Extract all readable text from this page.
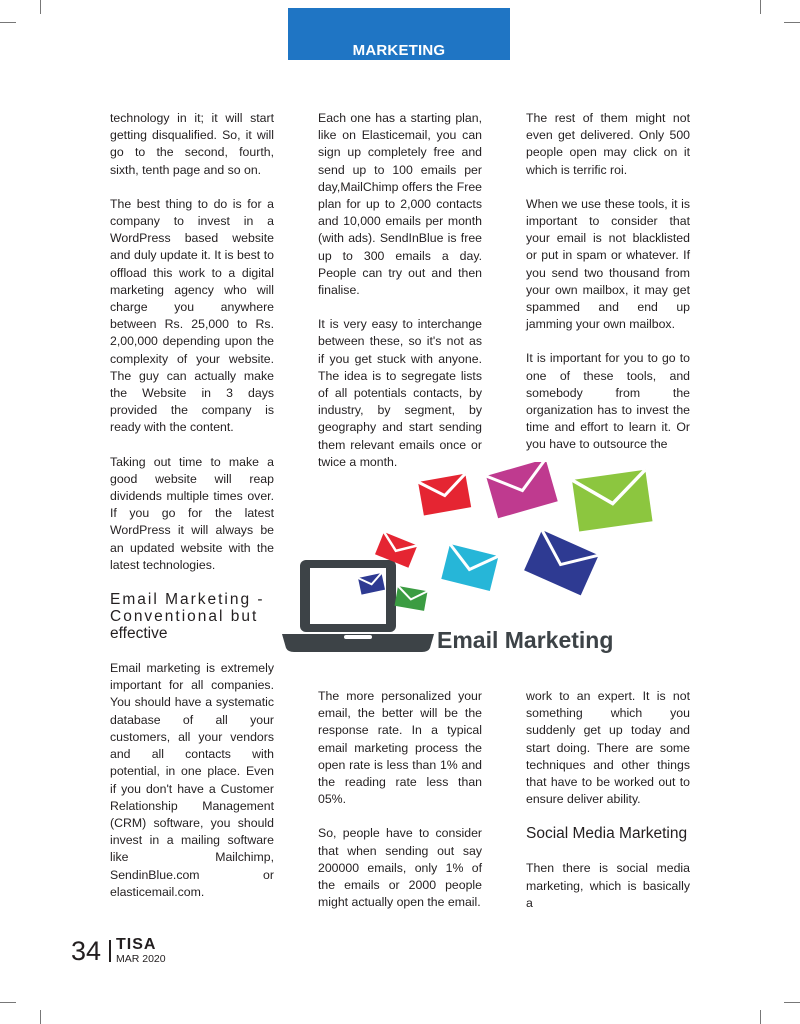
MARKETING

technology in it; it will start getting disqualified. So, it will go to the second, fourth, sixth, tenth page and so on.

The best thing to do is for a company to invest in a WordPress based website and duly update it. It is best to offload this work to a digital marketing agency who will charge you anywhere between Rs. 25,000 to Rs. 2,00,000 depending upon the complexity of your website. The guy can actually make the Website in 3 days provided the company is ready with the content.

Taking out time to make a good website will reap dividends multiple times over. If you go for the latest WordPress it will always be an updated website with the latest technologies.

Email Marketing - Conventional but effective

Email marketing is extremely important for all companies. You should have a systematic database of all your customers, all your vendors and all contacts with potential, in one place. Even if you don't have a Customer Relationship Management (CRM) software, you should invest in a mailing software like Mailchimp, SendinBlue.com or elasticemail.com.

Each one has a starting plan, like on Elasticemail, you can sign up completely free and send up to 100 emails per day,MailChimp offers the Free plan for up to 2,000 contacts and 10,000 emails per month (with ads). SendInBlue is free up to 300 emails a day. People can try out and then finalise.

It is very easy to interchange between these, so it's not as if you get stuck with anyone. The idea is to segregate lists of all potentials contacts, by industry, by segment, by geography and start sending them relevant emails once or twice a month.

The rest of them might not even get delivered. Only 500 people open may click on it which is terrific roi.

When we use these tools, it is important to consider that your email is not blacklisted or put in spam or whatever. If you send two thousand from your own mailbox, it may get spammed and end up jamming your own mailbox.

It is important for you to go to one of these tools, and somebody from the organization has to invest the time and effort to learn it. Or you have to outsource the

Email Marketing

The more personalized your email, the better will be the response rate. In a typical email marketing process the open rate is less than 1% and the reading rate less than 05%.

So, people have to consider that when sending out say 200000 emails, only 1% of the emails or 2000 people might actually open the email.

work to an expert. It is not something which you suddenly get up today and start doing. There are some techniques and other things that have to be worked out to ensure deliver ability.

Social Media Marketing

Then there is social media marketing, which is basically a

34 TISA
MAR 2020
